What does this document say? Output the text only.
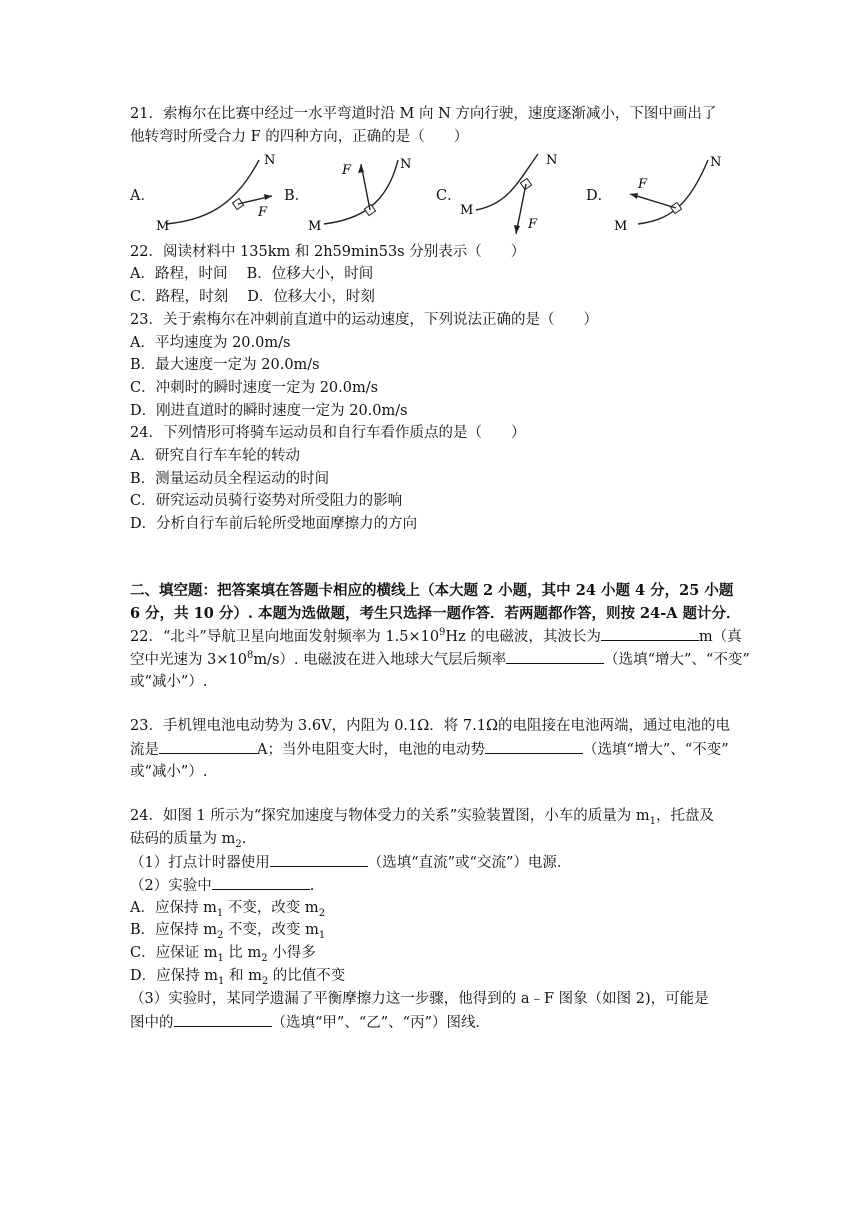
21．索梅尔在比赛中经过一水平弯道时沿 M 向 N 方向行驶，速度逐渐减小，下图中画出了
他转弯时所受合力 F 的四种方向，正确的是（　　）
A．
M
N
F
B．
M
N
F
C．
M
N
F
D．
M
N
F
22．阅读材料中 135km 和 2h59min53s 分别表示（　　）
A．路程，时间　 B．位移大小，时间
C．路程，时刻　 D．位移大小，时刻
23．关于索梅尔在冲刺前直道中的运动速度，下列说法正确的是（　　）
A．平均速度为 20.0m/s
B．最大速度一定为 20.0m/s
C．冲刺时的瞬时速度一定为 20.0m/s
D．刚进直道时的瞬时速度一定为 20.0m/s
24．下列情形可将骑车运动员和自行车看作质点的是（　　）
A．研究自行车车轮的转动
B．测量运动员全程运动的时间
C．研究运动员骑行姿势对所受阻力的影响
D．分析自行车前后轮所受地面摩擦力的方向
二、填空题：把答案填在答题卡相应的横线上（本大题 2 小题，其中 24 小题 4 分，25 小题
6 分，共 10 分）. 本题为选做题，考生只选择一题作答．若两题都作答，则按 24-A 题计分．
22．“北斗”导航卫星向地面发射频率为 $1.5\times 10^9Hz$ 的电磁波，其波长为	m（真
空中光速为 $3\times 10^8m/s$）. 电磁波在进入地球大气层后频率	（选填“增大”、“不变”
或“减小”）.
23．手机锂电池电动势为 3.6V，内阻为 0.1Ω．将 7.1Ω的电阻接在电池两端，通过电池的电
流是	A；当外电阻变大时，电池的电动势	（选填“增大”、“不变”
或“减小”）.
24．如图 1 所示为“探究加速度与物体受力的关系”实验装置图，小车的质量为 $m_1$，托盘及
砝码的质量为 $m_2$.
（1）打点计时器使用	（选填“直流”或“交流”）电源．
（2）实验中	.
A．应保持 $m_1$ 不变，改变 $m_2$
B．应保持 $m_2$ 不变，改变 $m_1$
C．应保证 $m_1$ 比 $m_2$ 小得多
D．应保持 $m_1$ 和 $m_2$ 的比值不变
（3）实验时，某同学遗漏了平衡摩擦力这一步骤，他得到的 a﹣F 图象（如图 2)，可能是
图中的	（选填“甲”、“乙”、“丙”）图线．
